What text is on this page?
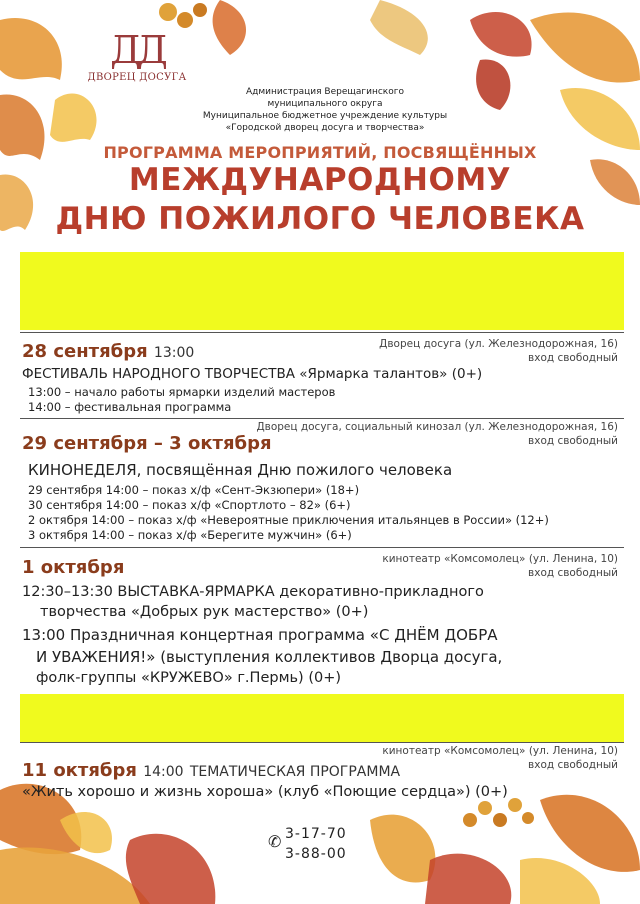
ДД
ДВОРЕЦ ДОСУГА
Администрация Верещагинского
муниципального округа
Муниципальное бюджетное учреждение культуры
«Городской дворец досуга и творчества»
ПРОГРАММА МЕРОПРИЯТИЙ, ПОСВЯЩЁННЫХ
МЕЖДУНАРОДНОМУ
ДНЮ ПОЖИЛОГО ЧЕЛОВЕКА
Дворец досуга (ул. Железнодорожная, 16)
вход свободный
28 сентября 13:00
ФЕСТИВАЛЬ НАРОДНОГО ТВОРЧЕСТВА «Ярмарка талантов» (0+)
13:00 – начало работы ярмарки изделий мастеров
14:00 – фестивальная программа
Дворец досуга, социальный кинозал (ул. Железнодорожная, 16)
вход свободный
29 сентября – 3 октября
КИНОНЕДЕЛЯ, посвящённая Дню пожилого человека
29 сентября 14:00 – показ х/ф «Сент-Экзюпери» (18+)
30 сентября 14:00 – показ х/ф «Спортлото – 82» (6+)
2 октября 14:00 – показ х/ф «Невероятные приключения итальянцев в России» (12+)
3 октября 14:00 – показ х/ф «Берегите мужчин» (6+)
кинотеатр «Комсомолец» (ул. Ленина, 10)
вход свободный
1 октября
12:30–13:30 ВЫСТАВКА-ЯРМАРКА декоративно-прикладного
творчества «Добрых рук мастерство» (0+)
13:00 Праздничная концертная программа «С ДНЁМ ДОБРА
И УВАЖЕНИЯ!» (выступления коллективов Дворца досуга,
фолк-группы «КРУЖЕВО» г.Пермь) (0+)
кинотеатр «Комсомолец» (ул. Ленина, 10)
вход свободный
11 октября 14:00 ТЕМАТИЧЕСКАЯ ПРОГРАММА
«Жить хорошо и жизнь хороша» (клуб «Поющие сердца») (0+)
✆ 3-17-70
3-88-00
